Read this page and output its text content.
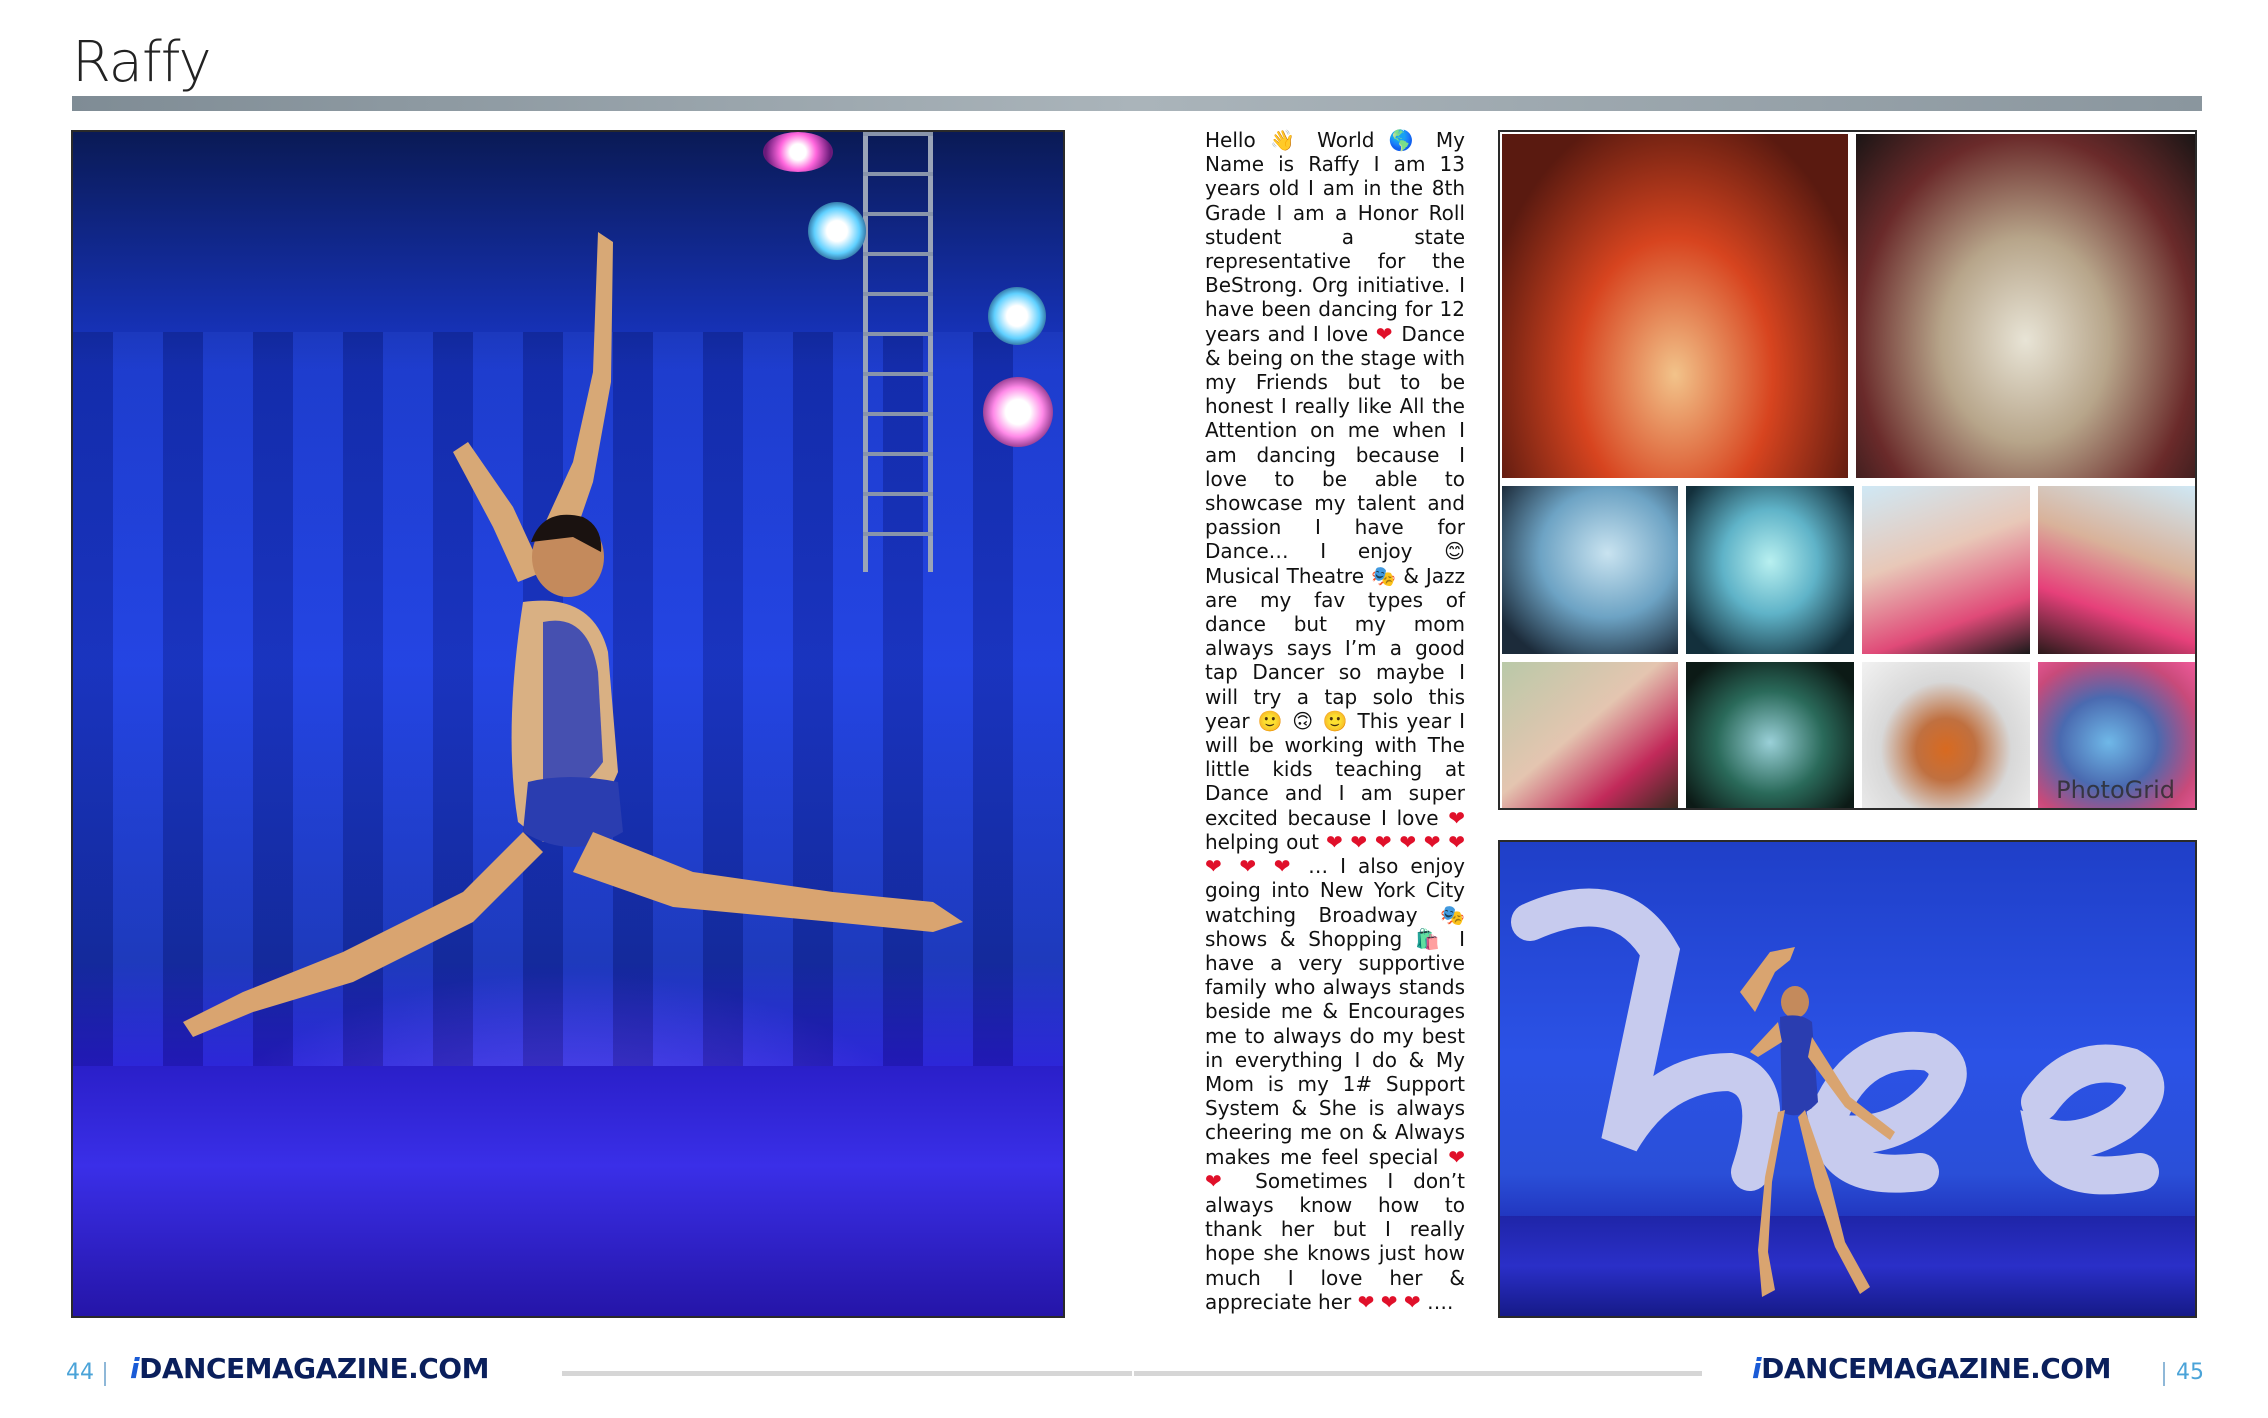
Raffy

Hello 👋 World 🌎 My Name is Raffy I am 13 years old I am in the 8th Grade I am a Honor Roll student a state representative for the BeStrong. Org initiative. I have been dancing for 12 years and I love ❤ Dance & being on the stage with my Friends but to be honest I really like All the Attention on me when I am dancing because I love to be able to showcase my talent and passion I have for Dance… I enjoy 😊 Musical Theatre 🎭 & Jazz are my fav types of dance but my mom always says I’m a good tap Dancer so maybe I will try a tap solo this year 🙂 🙃 🙂 This year I will be working with The little kids teaching at Dance and I am super excited because I love ❤ helping out ❤ ❤ ❤ ❤ ❤ ❤ ❤ ❤ ❤ … I also enjoy going into New York City watching Broadway 🎭 shows & Shopping 🛍️ I have a very supportive family who always stands beside me & Encourages me to always do my best in everything I do & My Mom is my 1# Support System & She is always cheering me on & Always makes me feel special ❤ ❤ Sometimes I don’t always know how to thank her but I really hope she knows just how much I love her & appreciate her ❤ ❤ ❤ ….

PhotoGrid
44 iDANCEMAGAZINE.COM	iDANCEMAGAZINE.COM	45
